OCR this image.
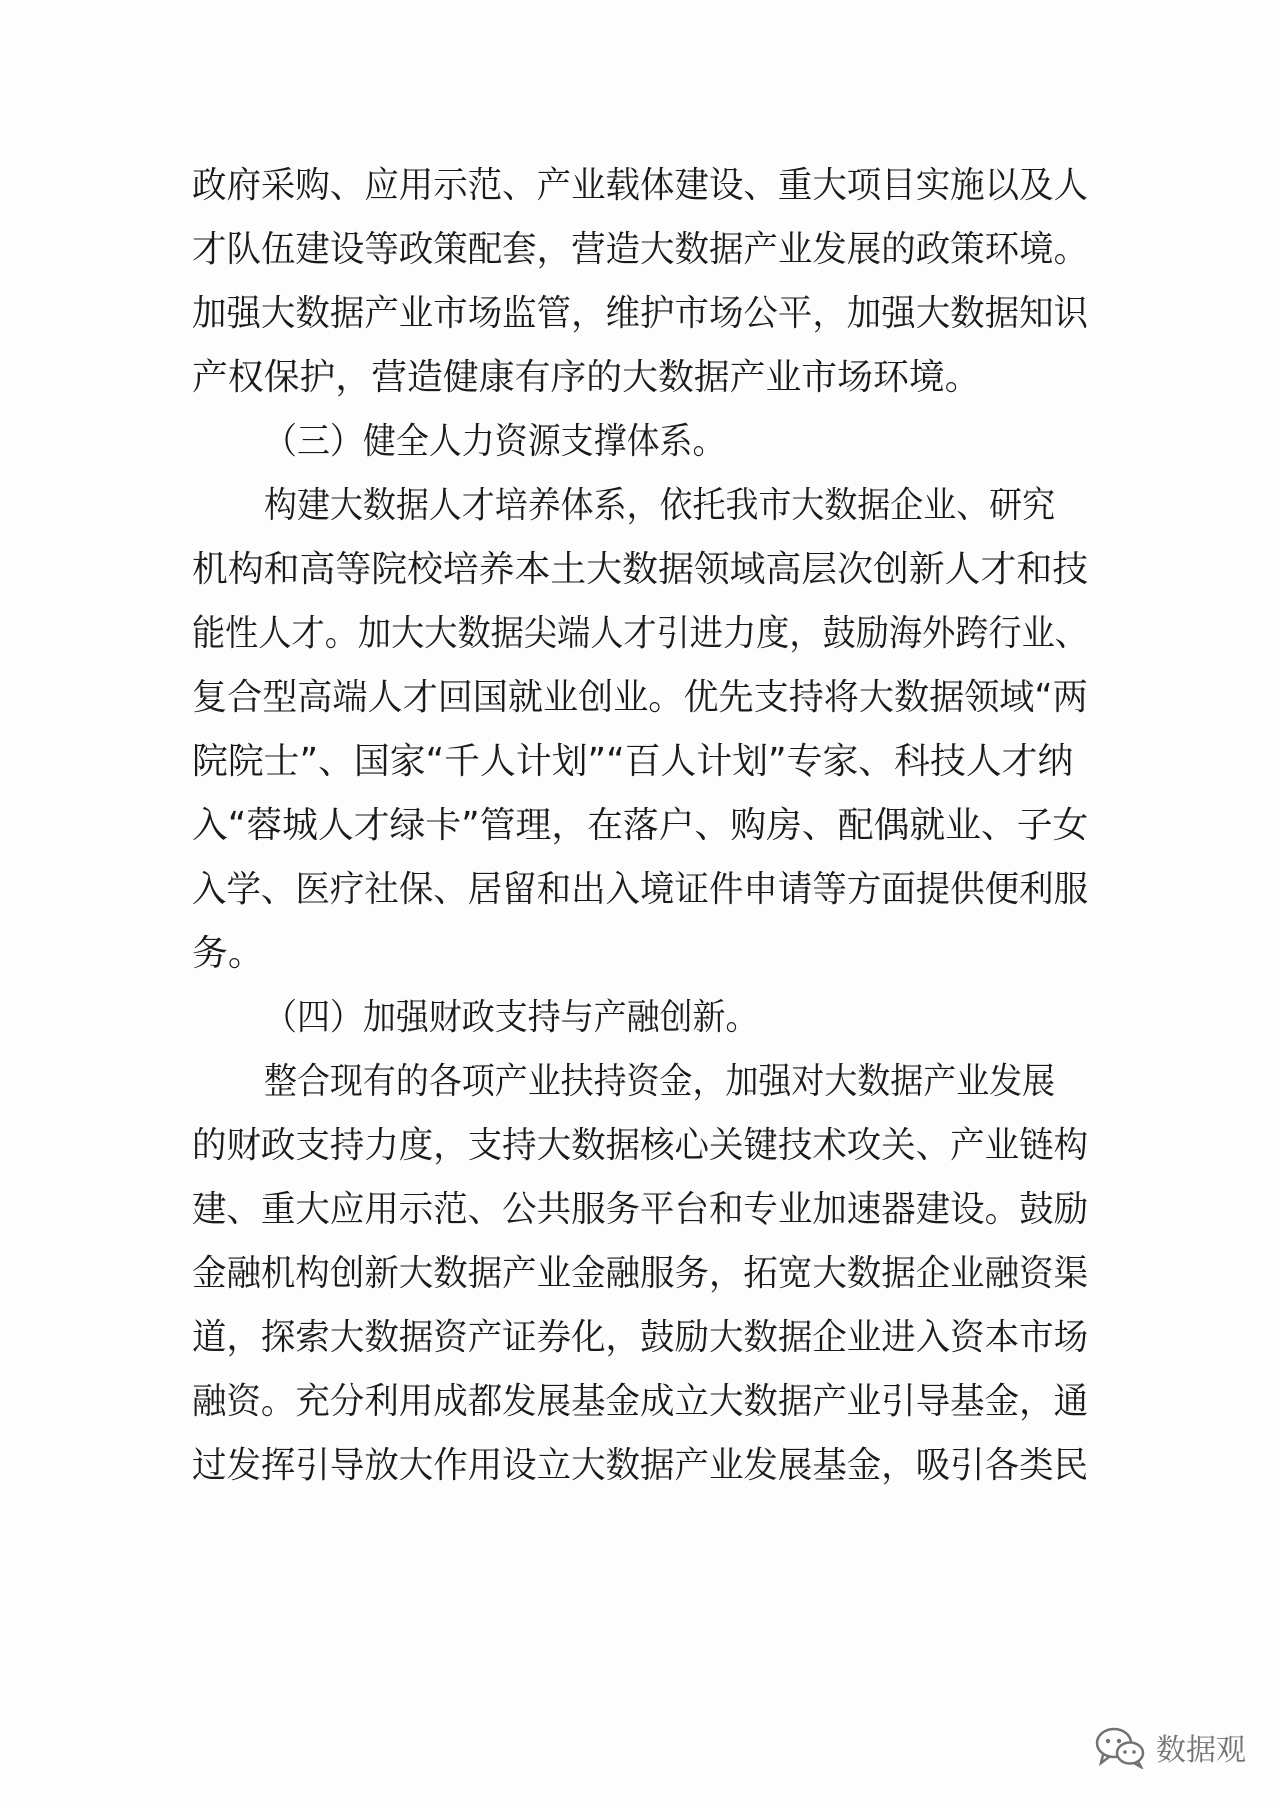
政府采购、应用示范、产业载体建设、重大项目实施以及人
才队伍建设等政策配套，营造大数据产业发展的政策环境。
加强大数据产业市场监管，维护市场公平，加强大数据知识
产权保护，营造健康有序的大数据产业市场环境。
（三）健全人力资源支撑体系。
构建大数据人才培养体系，依托我市大数据企业、研究
机构和高等院校培养本土大数据领域高层次创新人才和技
能性人才。加大大数据尖端人才引进力度，鼓励海外跨行业、
复合型高端人才回国就业创业。优先支持将大数据领域“两
院院士”、国家“千人计划”“百人计划”专家、科技人才纳
入“蓉城人才绿卡”管理，在落户、购房、配偶就业、子女
入学、医疗社保、居留和出入境证件申请等方面提供便利服
务。
（四）加强财政支持与产融创新。
整合现有的各项产业扶持资金，加强对大数据产业发展
的财政支持力度，支持大数据核心关键技术攻关、产业链构
建、重大应用示范、公共服务平台和专业加速器建设。鼓励
金融机构创新大数据产业金融服务，拓宽大数据企业融资渠
道，探索大数据资产证券化，鼓励大数据企业进入资本市场
融资。充分利用成都发展基金成立大数据产业引导基金，通
过发挥引导放大作用设立大数据产业发展基金，吸引各类民
数据观
